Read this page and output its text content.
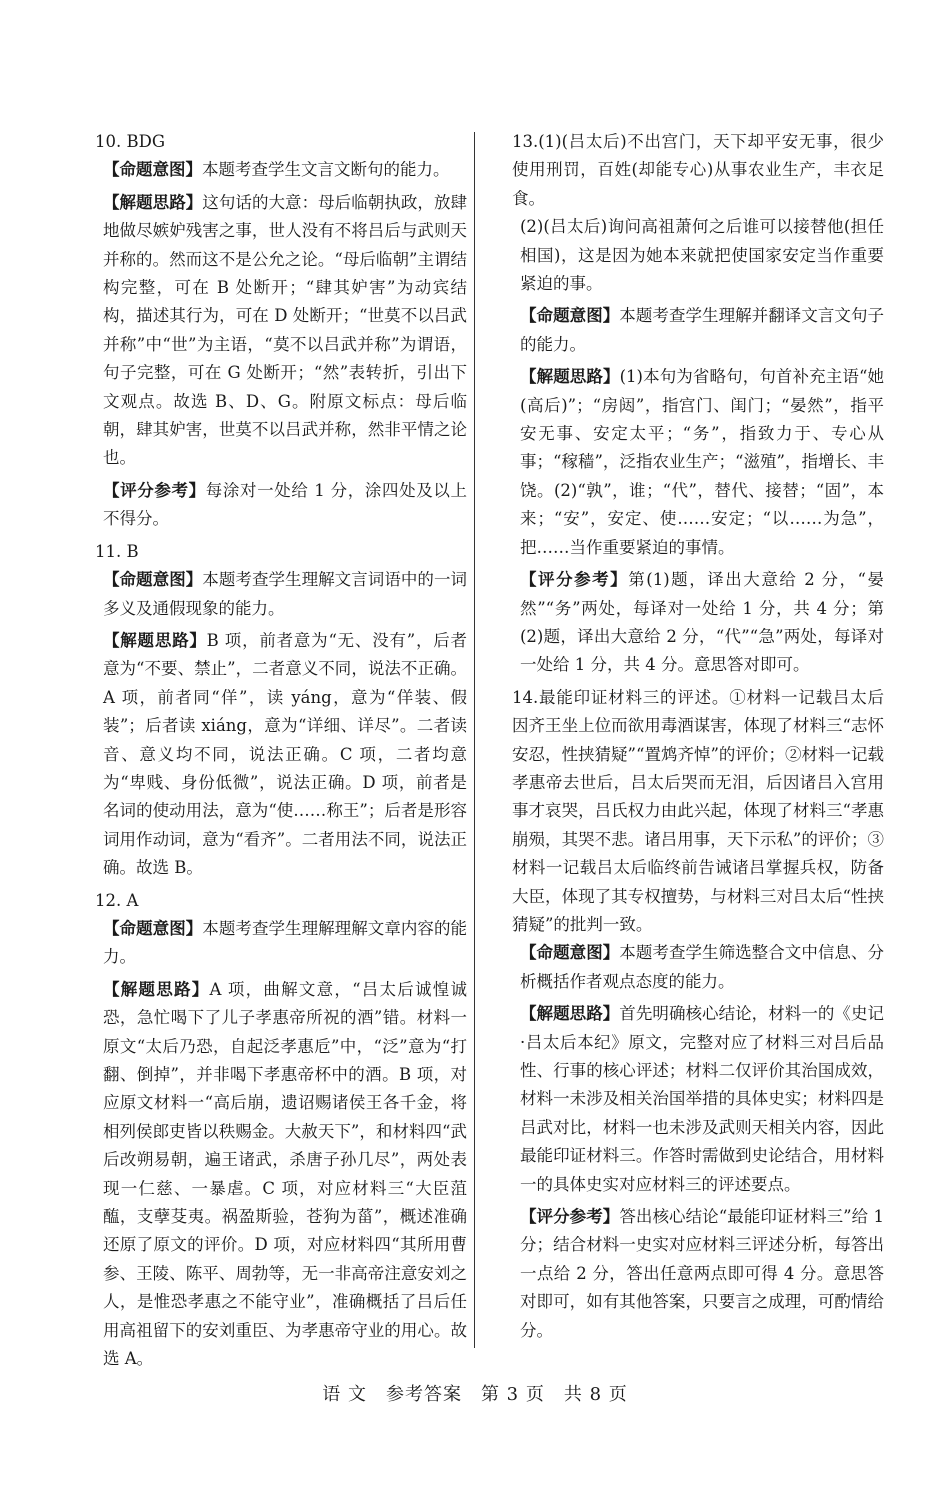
10. BDG

【命题意图】本题考查学生文言文断句的能力。

【解题思路】这句话的大意：母后临朝执政，放肆地做尽嫉妒残害之事，世人没有不将吕后与武则天并称的。然而这不是公允之论。“母后临朝”主谓结构完整，可在 B 处断开；“肆其妒害”为动宾结构，描述其行为，可在 D 处断开；“世莫不以吕武并称”中“世”为主语，“莫不以吕武并称”为谓语，句子完整，可在 G 处断开；“然”表转折，引出下文观点。故选 B、D、G。附原文标点：母后临朝，肆其妒害，世莫不以吕武并称，然非平情之论也。

【评分参考】每涂对一处给 1 分，涂四处及以上不得分。

11. B

【命题意图】本题考查学生理解文言词语中的一词多义及通假现象的能力。

【解题思路】B 项，前者意为“无、没有”，后者意为“不要、禁止”，二者意义不同，说法不正确。A 项，前者同“佯”，读 yáng，意为“佯装、假装”；后者读 xiáng，意为“详细、详尽”。二者读音、意义均不同，说法正确。C 项，二者均意为“卑贱、身份低微”，说法正确。D 项，前者是名词的使动用法，意为“使……称王”；后者是形容词用作动词，意为“看齐”。二者用法不同，说法正确。故选 B。

12. A

【命题意图】本题考查学生理解理解文章内容的能力。

【解题思路】A 项，曲解文意，“吕太后诚惶诚恐，急忙喝下了儿子孝惠帝所祝的酒”错。材料一原文“太后乃恐，自起泛孝惠卮”中，“泛”意为“打翻、倒掉”，并非喝下孝惠帝杯中的酒。B 项，对应原文材料一“高后崩，遗诏赐诸侯王各千金，将相列侯郎吏皆以秩赐金。大赦天下”，和材料四“武后改朔易朝，遍王诸武，杀唐子孙几尽”，两处表现一仁慈、一暴虐。C 项，对应材料三“大臣菹醢，支孽芟夷。祸盈斯验，苍狗为菑”，概述准确还原了原文的评价。D 项，对应材料四“其所用曹参、王陵、陈平、周勃等，无一非高帝注意安刘之人，是惟恐孝惠之不能守业”，准确概括了吕后任用高祖留下的安刘重臣、为孝惠帝守业的用心。故选 A。

13.(1)(吕太后)不出宫门，天下却平安无事，很少使用刑罚，百姓(却能专心)从事农业生产，丰衣足食。

(2)(吕太后)询问高祖萧何之后谁可以接替他(担任相国)，这是因为她本来就把使国家安定当作重要紧迫的事。

【命题意图】本题考查学生理解并翻译文言文句子的能力。

【解题思路】(1)本句为省略句，句首补充主语“她(高后)”；“房闼”，指宫门、闺门；“晏然”，指平安无事、安定太平；“务”，指致力于、专心从事；“稼穑”，泛指农业生产；“滋殖”，指增长、丰饶。(2)“孰”，谁；“代”，替代、接替；“固”，本来；“安”，安定、使……安定；“以……为急”，把……当作重要紧迫的事情。

【评分参考】第(1)题，译出大意给 2 分，“晏然”“务”两处，每译对一处给 1 分，共 4 分；第(2)题，译出大意给 2 分，“代”“急”两处，每译对一处给 1 分，共 4 分。意思答对即可。

14.最能印证材料三的评述。①材料一记载吕太后因齐王坐上位而欲用毒酒谋害，体现了材料三“志怀安忍，性挟猜疑”“置鸩齐悼”的评价；②材料一记载孝惠帝去世后，吕太后哭而无泪，后因诸吕入宫用事才哀哭，吕氏权力由此兴起，体现了材料三“孝惠崩殒，其哭不悲。诸吕用事，天下示私”的评价；③材料一记载吕太后临终前告诫诸吕掌握兵权，防备大臣，体现了其专权擅势，与材料三对吕太后“性挟猜疑”的批判一致。

【命题意图】本题考查学生筛选整合文中信息、分析概括作者观点态度的能力。

【解题思路】首先明确核心结论，材料一的《史记·吕太后本纪》原文，完整对应了材料三对吕后品性、行事的核心评述；材料二仅评价其治国成效，材料一未涉及相关治国举措的具体史实；材料四是吕武对比，材料一也未涉及武则天相关内容，因此最能印证材料三。作答时需做到史论结合，用材料一的具体史实对应材料三的评述要点。

【评分参考】答出核心结论“最能印证材料三”给 1 分；结合材料一史实对应材料三评述分析，每答出一点给 2 分，答出任意两点即可得 4 分。意思答对即可，如有其他答案，只要言之成理，可酌情给分。

语 文　参考答案　第 3 页　共 8 页
